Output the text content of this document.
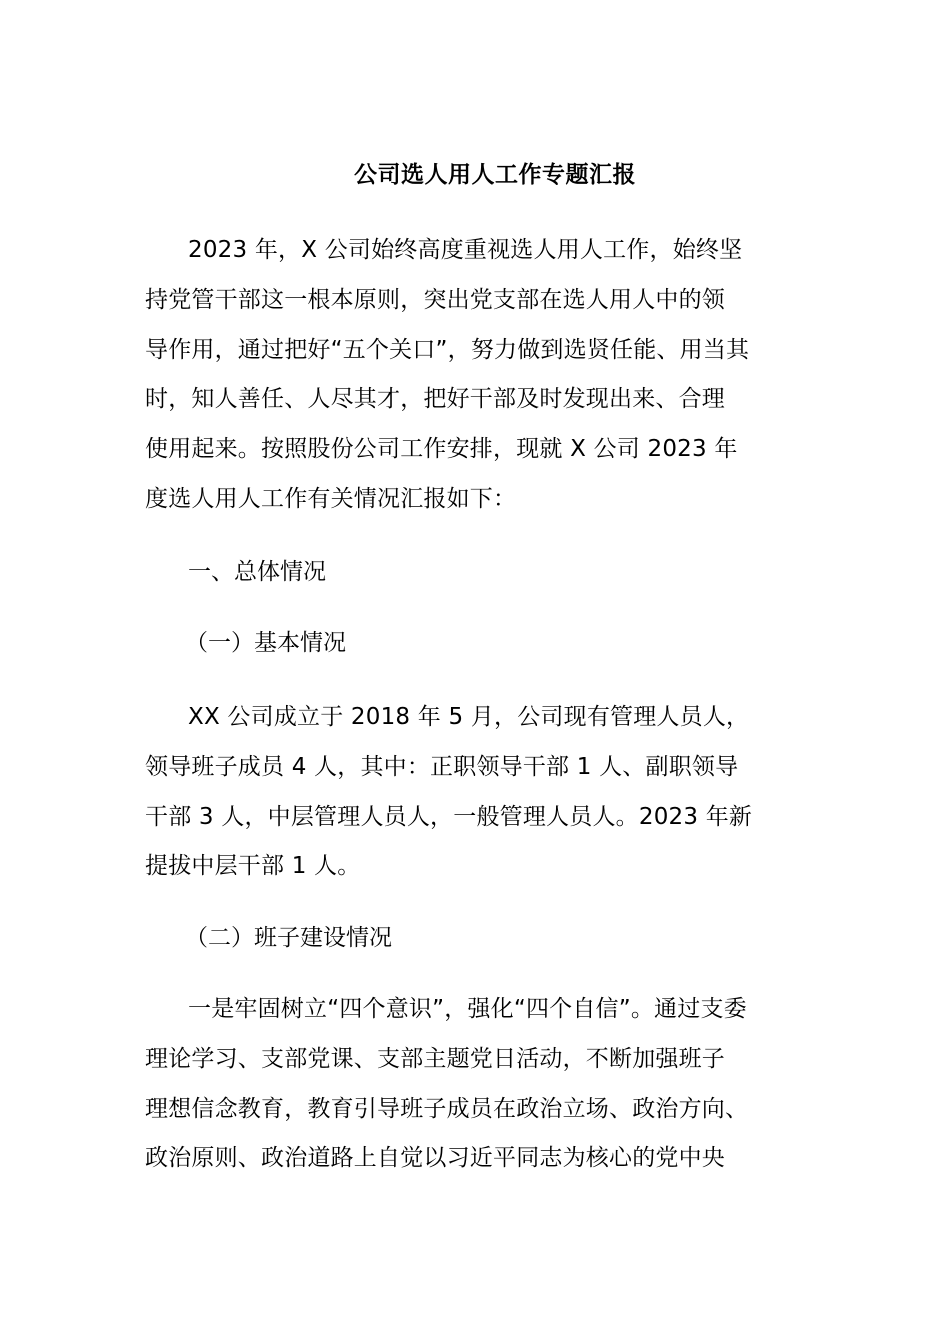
公司选人用人工作专题汇报
2023 年，X 公司始终高度重视选人用人工作，始终坚
持党管干部这一根本原则，突出党支部在选人用人中的领
导作用，通过把好“五个关口”，努力做到选贤任能、用当其
时，知人善任、人尽其才，把好干部及时发现出来、合理
使用起来。按照股份公司工作安排，现就 X 公司 2023 年
度选人用人工作有关情况汇报如下：
一、总体情况
（一）基本情况
XX 公司成立于 2018 年 5 月，公司现有管理人员人，
领导班子成员 4 人，其中：正职领导干部 1 人、副职领导
干部 3 人，中层管理人员人，一般管理人员人。2023 年新
提拔中层干部 1 人。
（二）班子建设情况
一是牢固树立“四个意识”，强化“四个自信”。通过支委
理论学习、支部党课、支部主题党日活动，不断加强班子
理想信念教育，教育引导班子成员在政治立场、政治方向、
政治原则、政治道路上自觉以习近平同志为核心的党中央
